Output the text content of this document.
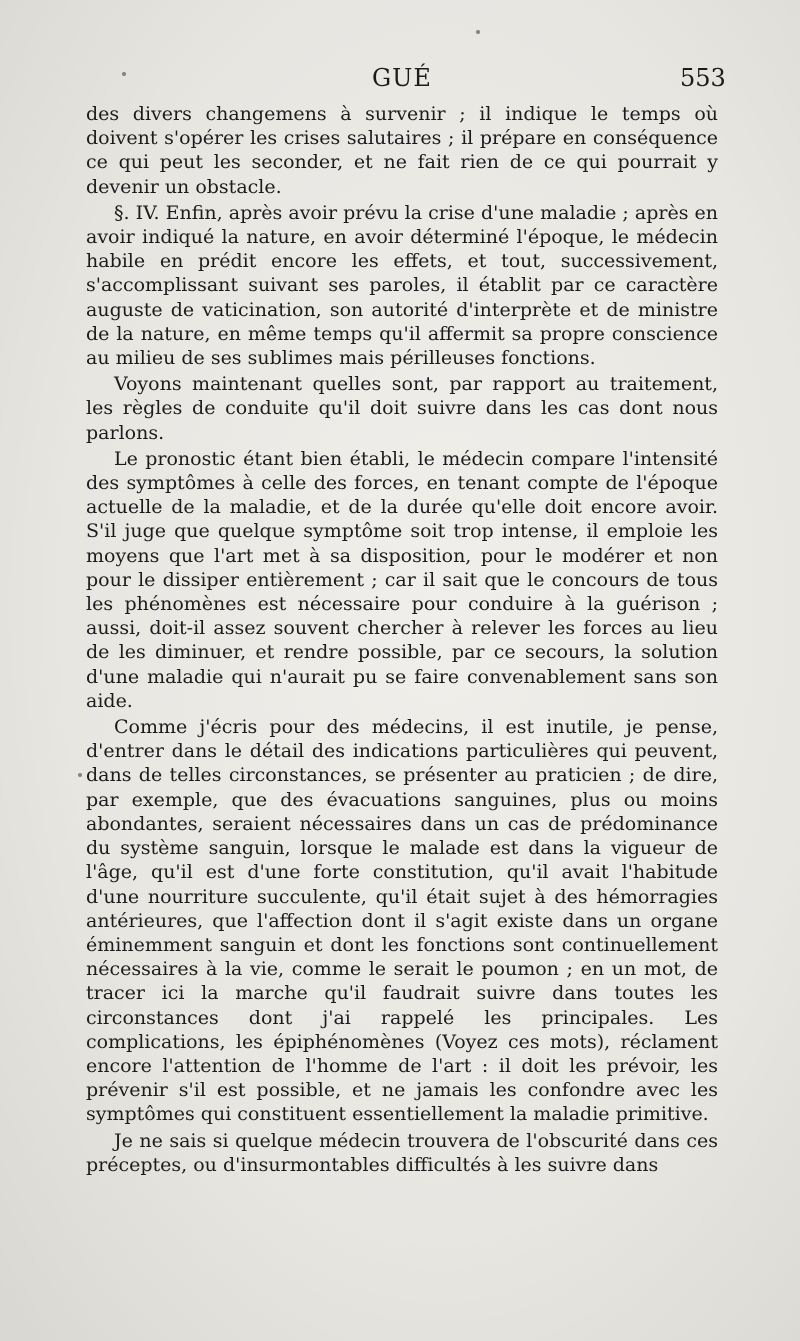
GUÉ	553

des divers changemens à survenir ; il indique le temps où doivent s'opérer les crises salutaires ; il prépare en conséquence ce qui peut les seconder, et ne fait rien de ce qui pourrait y devenir un obstacle.

§. IV. Enfin, après avoir prévu la crise d'une maladie ; après en avoir indiqué la nature, en avoir déterminé l'époque, le médecin habile en prédit encore les effets, et tout, successivement, s'accomplissant suivant ses paroles, il établit par ce caractère auguste de vaticination, son autorité d'interprète et de ministre de la nature, en même temps qu'il affermit sa propre conscience au milieu de ses sublimes mais périlleuses fonctions.

Voyons maintenant quelles sont, par rapport au traitement, les règles de conduite qu'il doit suivre dans les cas dont nous parlons.

Le pronostic étant bien établi, le médecin compare l'intensité des symptômes à celle des forces, en tenant compte de l'époque actuelle de la maladie, et de la durée qu'elle doit encore avoir. S'il juge que quelque symptôme soit trop intense, il emploie les moyens que l'art met à sa disposition, pour le modérer et non pour le dissiper entièrement ; car il sait que le concours de tous les phénomènes est nécessaire pour conduire à la guérison ; aussi, doit-il assez souvent chercher à relever les forces au lieu de les diminuer, et rendre possible, par ce secours, la solution d'une maladie qui n'aurait pu se faire convenablement sans son aide.

Comme j'écris pour des médecins, il est inutile, je pense, d'entrer dans le détail des indications particulières qui peuvent, dans de telles circonstances, se présenter au praticien ; de dire, par exemple, que des évacuations sanguines, plus ou moins abondantes, seraient nécessaires dans un cas de prédominance du système sanguin, lorsque le malade est dans la vigueur de l'âge, qu'il est d'une forte constitution, qu'il avait l'habitude d'une nourriture succulente, qu'il était sujet à des hémorragies antérieures, que l'affection dont il s'agit existe dans un organe éminemment sanguin et dont les fonctions sont continuellement nécessaires à la vie, comme le serait le poumon ; en un mot, de tracer ici la marche qu'il faudrait suivre dans toutes les circonstances dont j'ai rappelé les principales. Les complications, les épiphénomènes (Voyez ces mots), réclament encore l'attention de l'homme de l'art : il doit les prévoir, les prévenir s'il est possible, et ne jamais les confondre avec les symptômes qui constituent essentiellement la maladie primitive.

Je ne sais si quelque médecin trouvera de l'obscurité dans ces préceptes, ou d'insurmontables difficultés à les suivre dans
